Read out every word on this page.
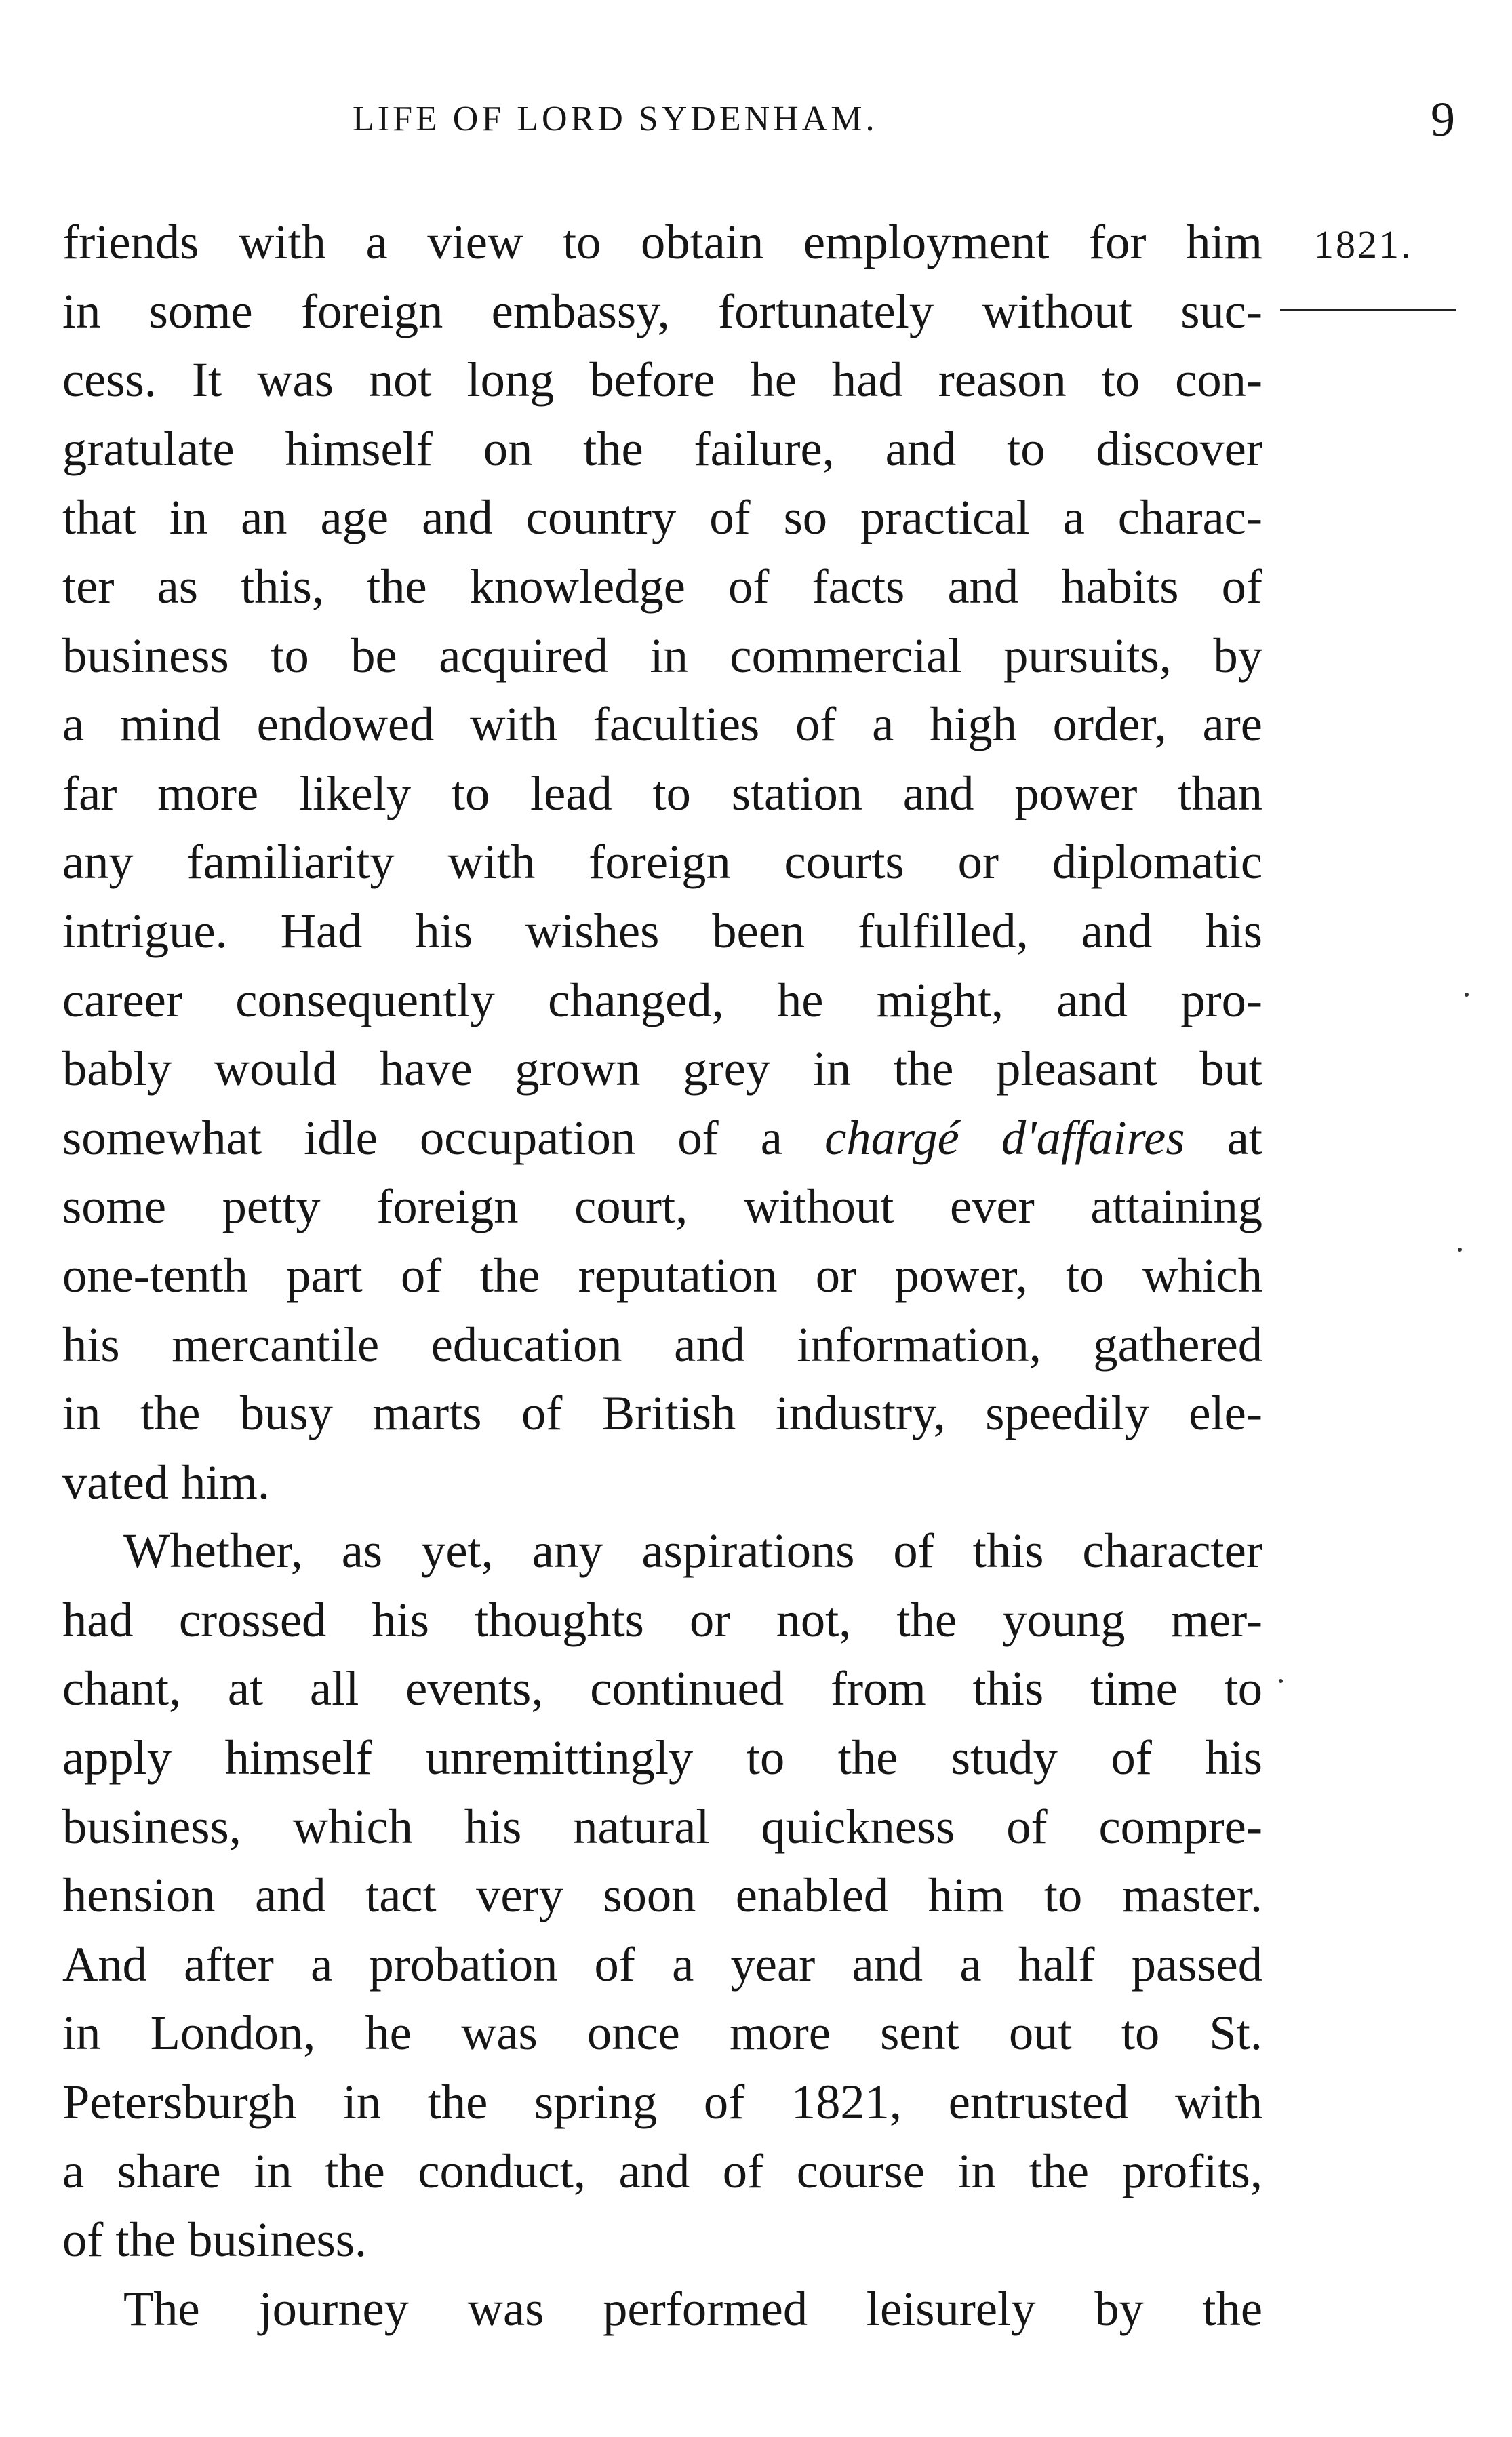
LIFE OF LORD SYDENHAM.	9
1821.
friends with a view to obtain employment for him
in some foreign embassy, fortunately without suc-
cess. It was not long before he had reason to con-
gratulate himself on the failure, and to discover
that in an age and country of so practical a charac-
ter as this, the knowledge of facts and habits of
business to be acquired in commercial pursuits, by
a mind endowed with faculties of a high order, are
far more likely to lead to station and power than
any familiarity with foreign courts or diplomatic
intrigue. Had his wishes been fulfilled, and his
career consequently changed, he might, and pro-
bably would have grown grey in the pleasant but
somewhat idle occupation of a chargé d'affaires at
some petty foreign court, without ever attaining
one-tenth part of the reputation or power, to which
his mercantile education and information, gathered
in the busy marts of British industry, speedily ele-
vated him.
Whether, as yet, any aspirations of this character
had crossed his thoughts or not, the young mer-
chant, at all events, continued from this time to
apply himself unremittingly to the study of his
business, which his natural quickness of compre-
hension and tact very soon enabled him to master.
And after a probation of a year and a half passed
in London, he was once more sent out to St.
Petersburgh in the spring of 1821, entrusted with
a share in the conduct, and of course in the profits,
of the business.
The journey was performed leisurely by the
